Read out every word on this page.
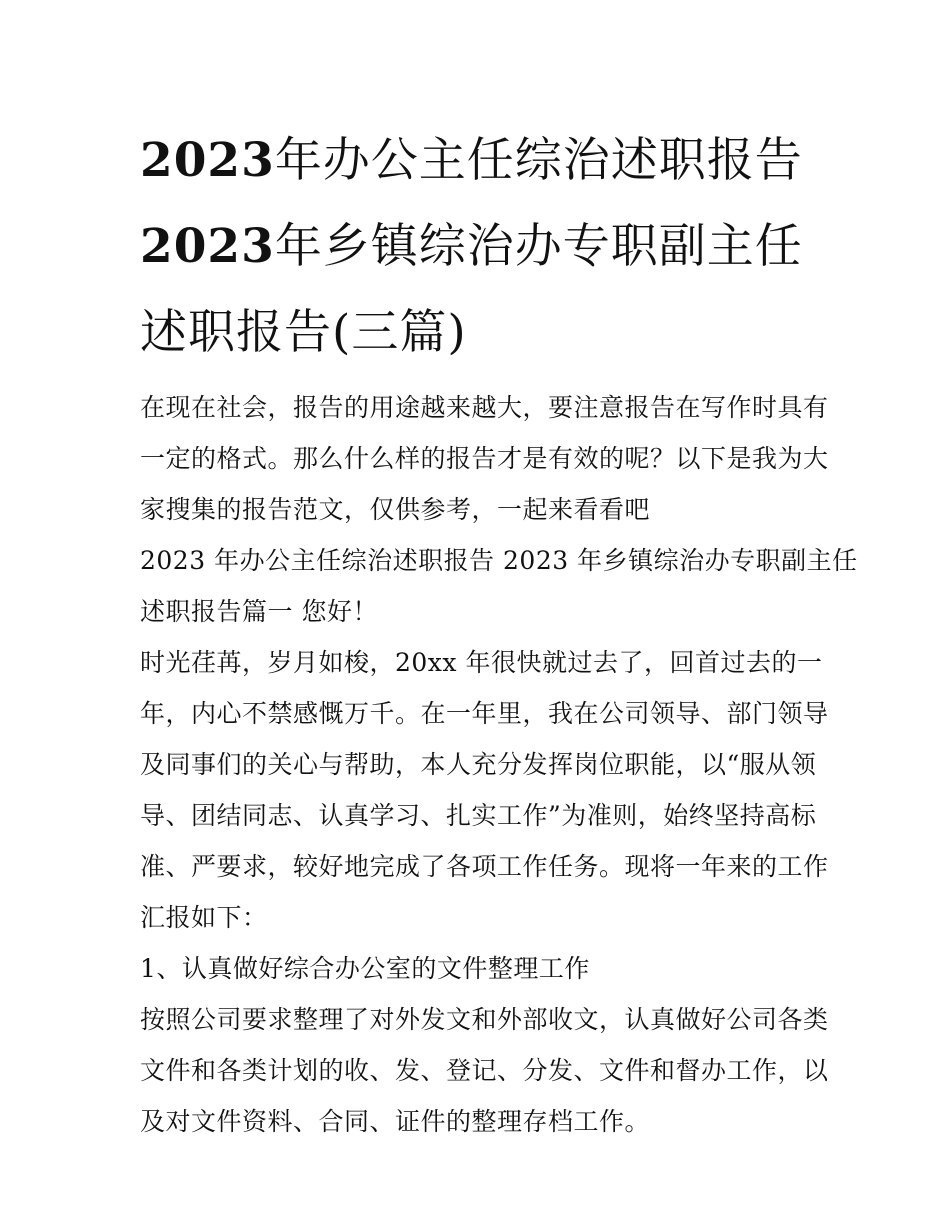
2023年办公主任综治述职报告
2023年乡镇综治办专职副主任
述职报告(三篇)

在现在社会，报告的用途越来越大，要注意报告在写作时具有
一定的格式。那么什么样的报告才是有效的呢？以下是我为大
家搜集的报告范文，仅供参考，一起来看看吧

2023 年办公主任综治述职报告 2023 年乡镇综治办专职副主任
述职报告篇一 您好！

时光荏苒，岁月如梭，20xx 年很快就过去了，回首过去的一
年，内心不禁感慨万千。在一年里，我在公司领导、部门领导
及同事们的关心与帮助，本人充分发挥岗位职能，以“服从领
导、团结同志、认真学习、扎实工作”为准则，始终坚持高标
准、严要求，较好地完成了各项工作任务。现将一年来的工作
汇报如下：

1、认真做好综合办公室的文件整理工作

按照公司要求整理了对外发文和外部收文，认真做好公司各类
文件和各类计划的收、发、登记、分发、文件和督办工作，以
及对文件资料、合同、证件的整理存档工作。
